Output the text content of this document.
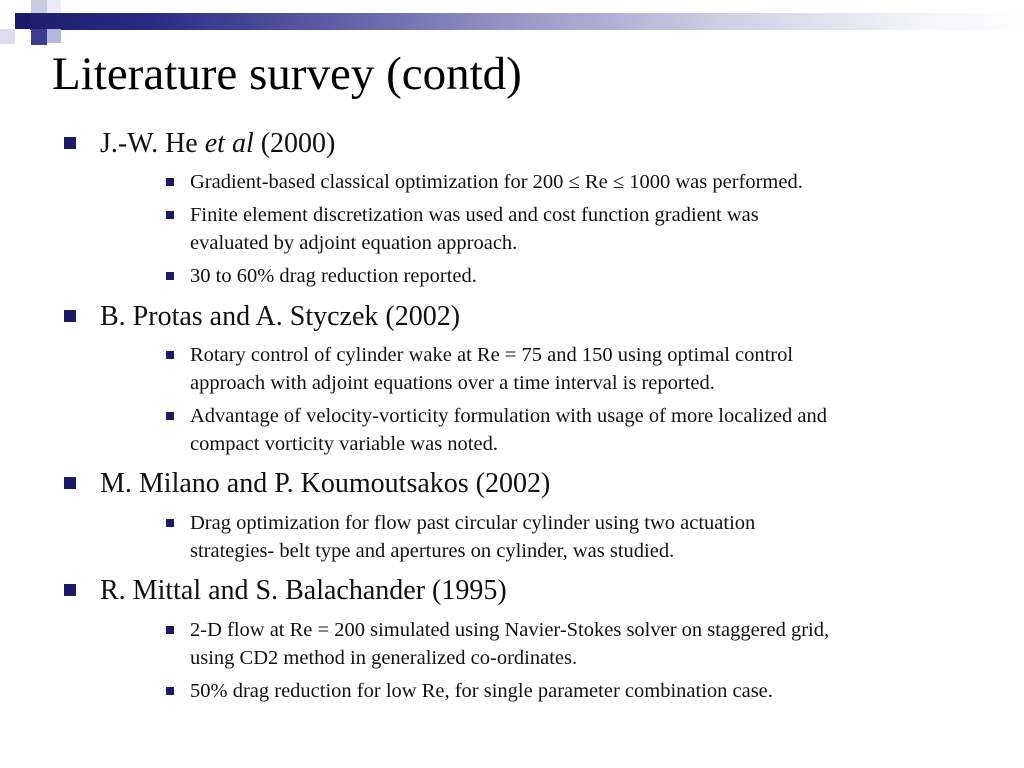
Literature survey (contd)
J.-W. He et al (2000)
Gradient-based classical optimization for 200 ≤ Re ≤ 1000 was performed.
Finite element discretization was used and cost function gradient was
evaluated by adjoint equation approach.
30 to 60% drag reduction reported.
B. Protas and A. Styczek (2002)
Rotary control of cylinder wake at Re = 75 and 150 using optimal control
approach with adjoint equations over a time interval is reported.
Advantage of velocity-vorticity formulation with usage of more localized and
compact vorticity variable was noted.
M. Milano and P. Koumoutsakos (2002)
Drag optimization for flow past circular cylinder using two actuation
strategies- belt type and apertures on cylinder, was studied.
R. Mittal and S. Balachander (1995)
2-D flow at Re = 200 simulated using Navier-Stokes solver on staggered grid,
using CD2 method in generalized co-ordinates.
50% drag reduction for low Re, for single parameter combination case.
